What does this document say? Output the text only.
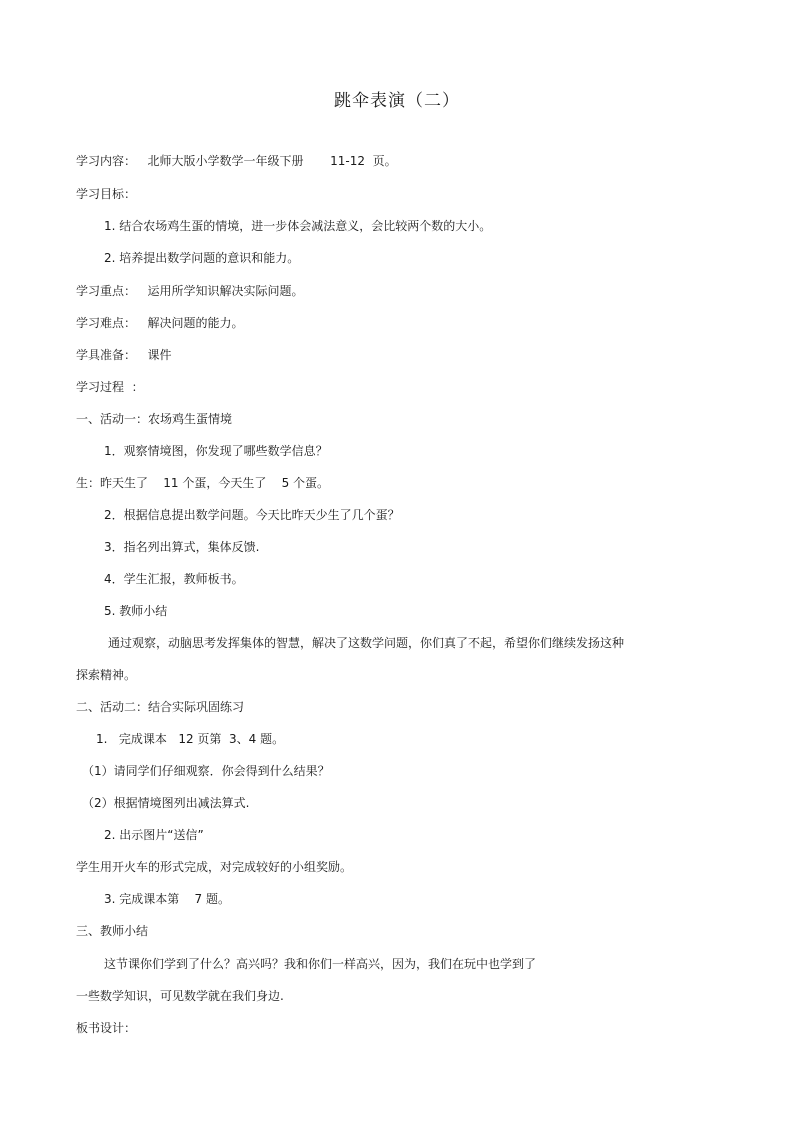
跳伞表演（二）
学习内容：   北师大版小学数学一年级下册       11-12  页。
学习目标：
1. 结合农场鸡生蛋的情境，进一步体会减法意义，会比较两个数的大小。
2. 培养提出数学问题的意识和能力。
学习重点：   运用所学知识解决实际问题。
学习难点：   解决问题的能力。
学具准备：   课件
学习过程  ：
一、活动一：农场鸡生蛋情境
1．观察情境图，你发现了哪些数学信息？
生：昨天生了    11 个蛋，今天生了    5 个蛋。
2．根据信息提出数学问题。今天比昨天少生了几个蛋？
3．指名列出算式，集体反馈.
4．学生汇报，教师板书。
5. 教师小结
通过观察，动脑思考发挥集体的智慧，解决了这数学问题，你们真了不起，希望你们继续发扬这种
探索精神。
二、活动二：结合实际巩固练习
1.   完成课本   12 页第  3、4 题。
（1）请同学们仔细观察．你会得到什么结果？
（2）根据情境图列出减法算式.
2. 出示图片“送信”
学生用开火车的形式完成，对完成较好的小组奖励。
3. 完成课本第    7 题。
三、教师小结
这节课你们学到了什么？高兴吗？我和你们一样高兴，因为，我们在玩中也学到了
一些数学知识，可见数学就在我们身边.
板书设计：
